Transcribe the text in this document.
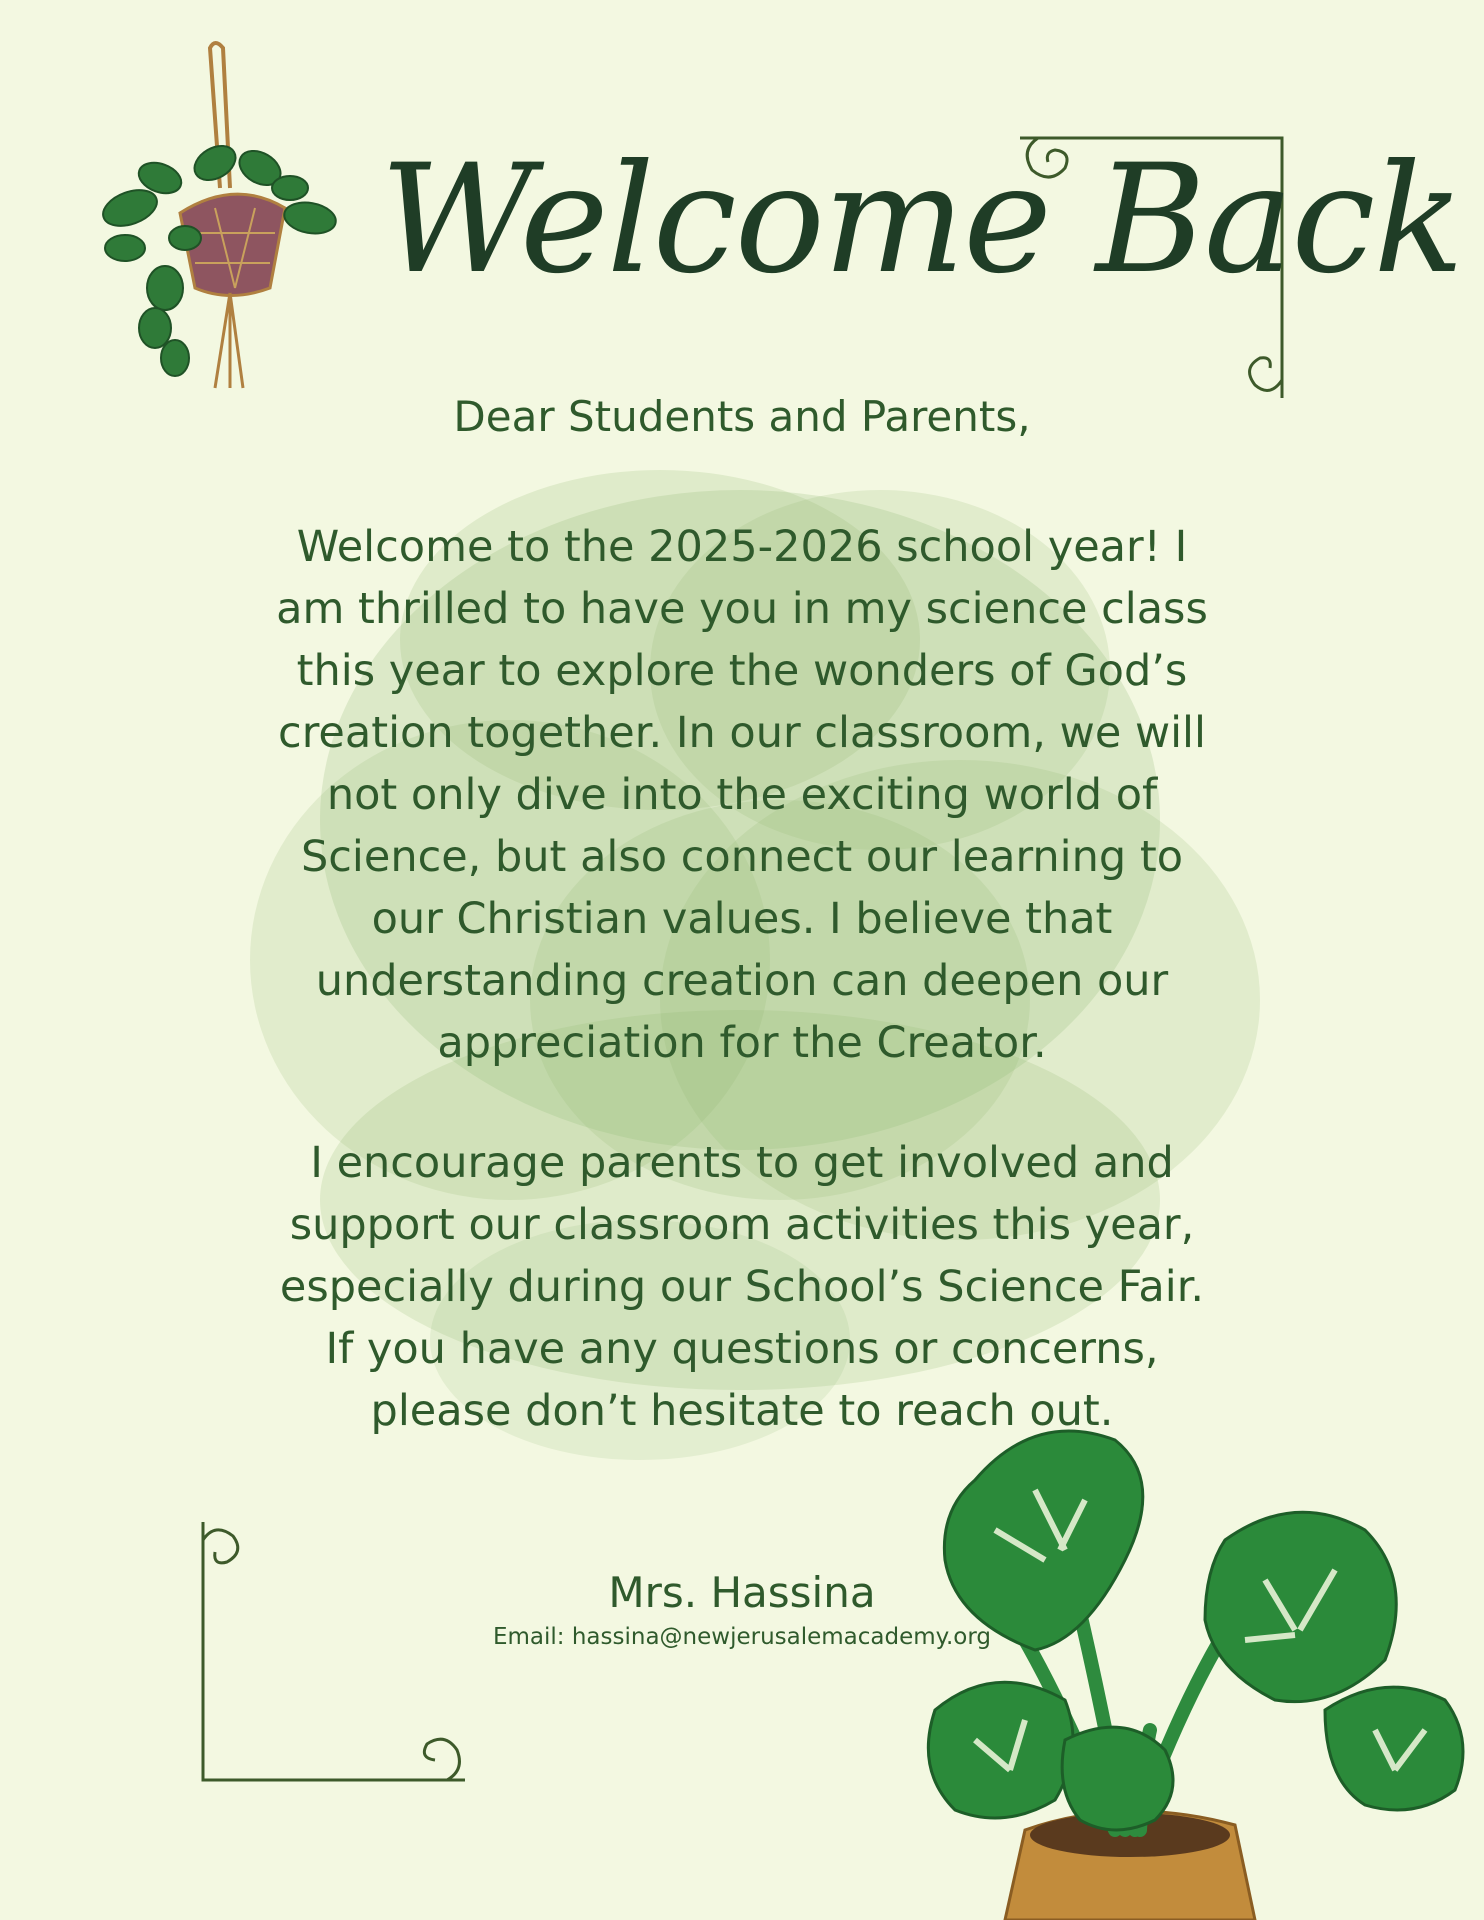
Welcome Back
Dear Students and Parents,

Welcome to the 2025-2026 school year! I am thrilled to have you in my science class this year to explore the wonders of God’s creation together. In our classroom, we will not only dive into the exciting world of Science, but also connect our learning to our Christian values. I believe that understanding creation can deepen our appreciation for the Creator.

I encourage parents to get involved and support our classroom activities this year, especially during our School’s Science Fair. If you have any questions or concerns, please don’t hesitate to reach out.

Mrs. Hassina
Email: hassina@newjerusalemacademy.org
